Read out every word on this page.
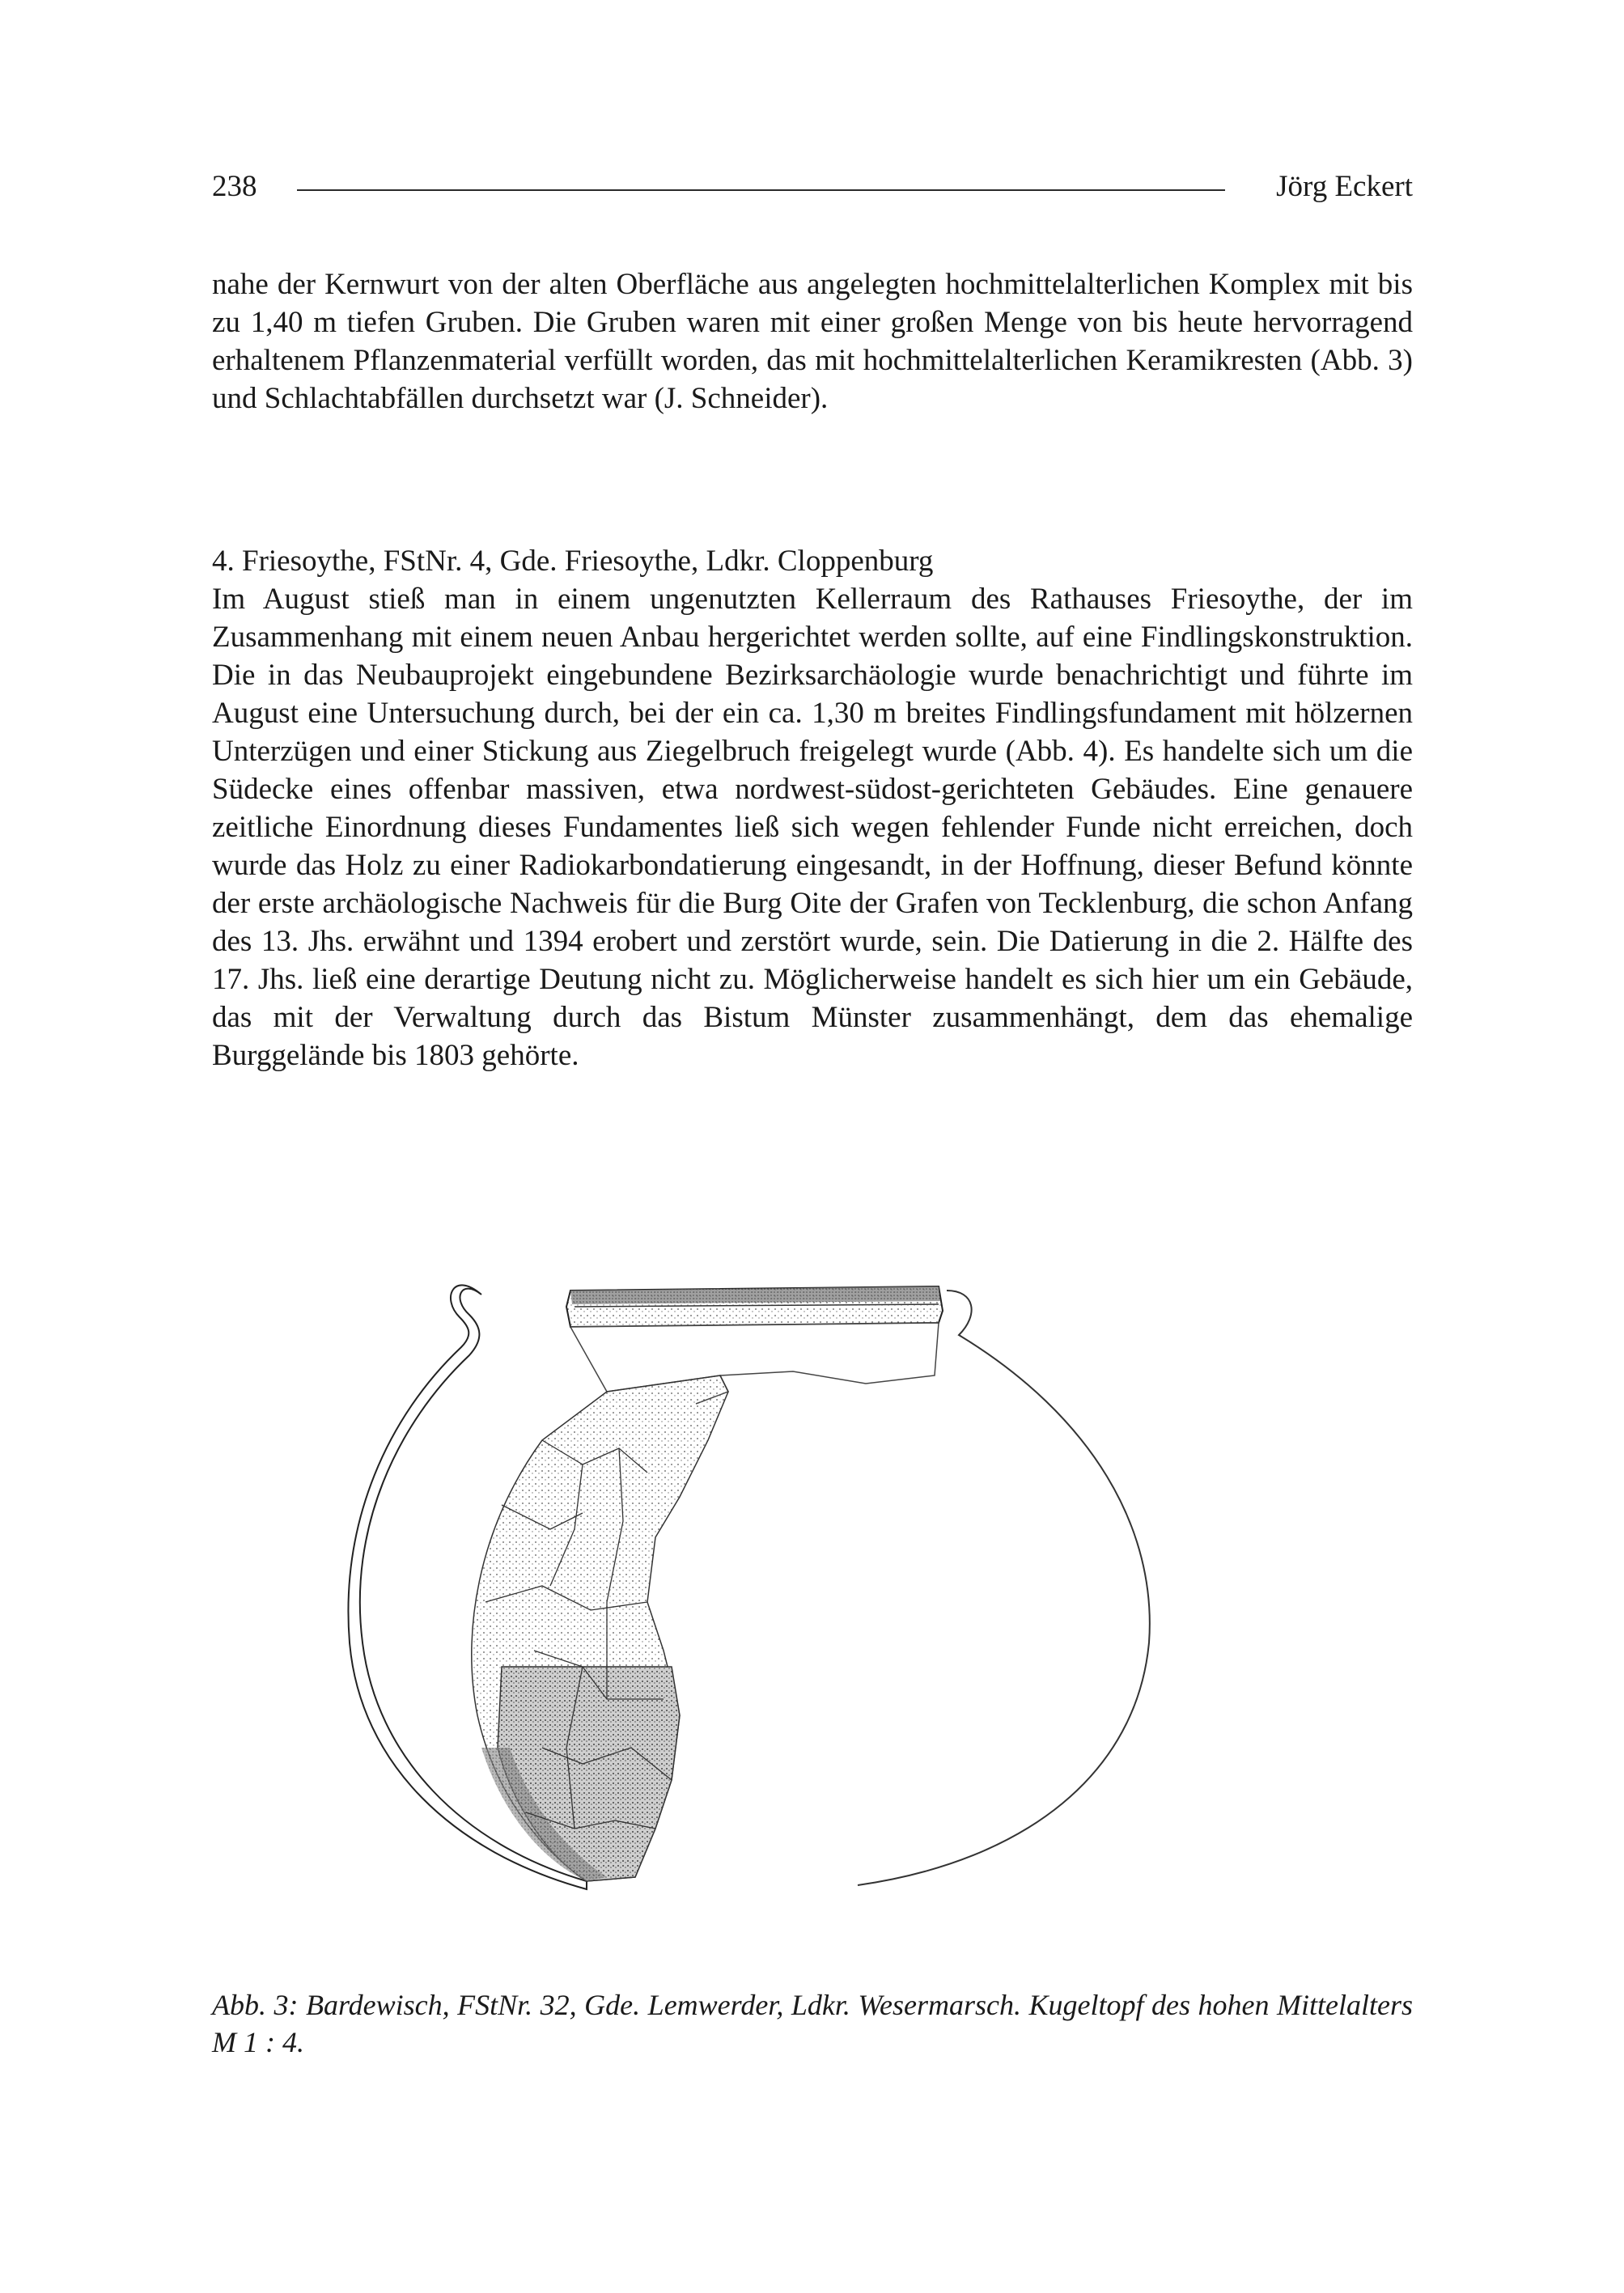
238	Jörg Eckert

nahe der Kernwurt von der alten Oberfläche aus angelegten hochmittelalterlichen Komplex mit bis zu 1,40 m tiefen Gruben. Die Gruben waren mit einer großen Menge von bis heute hervorragend erhaltenem Pflanzenmaterial verfüllt worden, das mit hochmittelalterlichen Keramikresten (Abb. 3) und Schlachtabfällen durchsetzt war (J. Schneider).

4. Friesoythe, FStNr. 4, Gde. Friesoythe, Ldkr. Cloppenburg

Im August stieß man in einem ungenutzten Kellerraum des Rathauses Friesoythe, der im Zusammenhang mit einem neuen Anbau hergerichtet werden sollte, auf eine Findlingskonstruktion. Die in das Neubauprojekt eingebundene Bezirksarchäologie wurde benachrichtigt und führte im August eine Untersuchung durch, bei der ein ca. 1,30 m breites Findlingsfundament mit hölzernen Unterzügen und einer Stickung aus Ziegelbruch freigelegt wurde (Abb. 4). Es handelte sich um die Südecke eines offenbar massiven, etwa nordwest-südost-gerichteten Gebäudes. Eine genauere zeitliche Einordnung dieses Fundamentes ließ sich wegen fehlender Funde nicht erreichen, doch wurde das Holz zu einer Radiokarbondatierung eingesandt, in der Hoffnung, dieser Befund könnte der erste archäologische Nachweis für die Burg Oite der Grafen von Tecklenburg, die schon Anfang des 13. Jhs. erwähnt und 1394 erobert und zerstört wurde, sein. Die Datierung in die 2. Hälfte des 17. Jhs. ließ eine derartige Deutung nicht zu. Möglicherweise handelt es sich hier um ein Gebäude, das mit der Verwaltung durch das Bistum Münster zusammenhängt, dem das ehemalige Burggelände bis 1803 gehörte.

Abb. 3: Bardewisch, FStNr. 32, Gde. Lemwerder, Ldkr. Wesermarsch. Kugeltopf des hohen Mittelalters M 1 : 4.
